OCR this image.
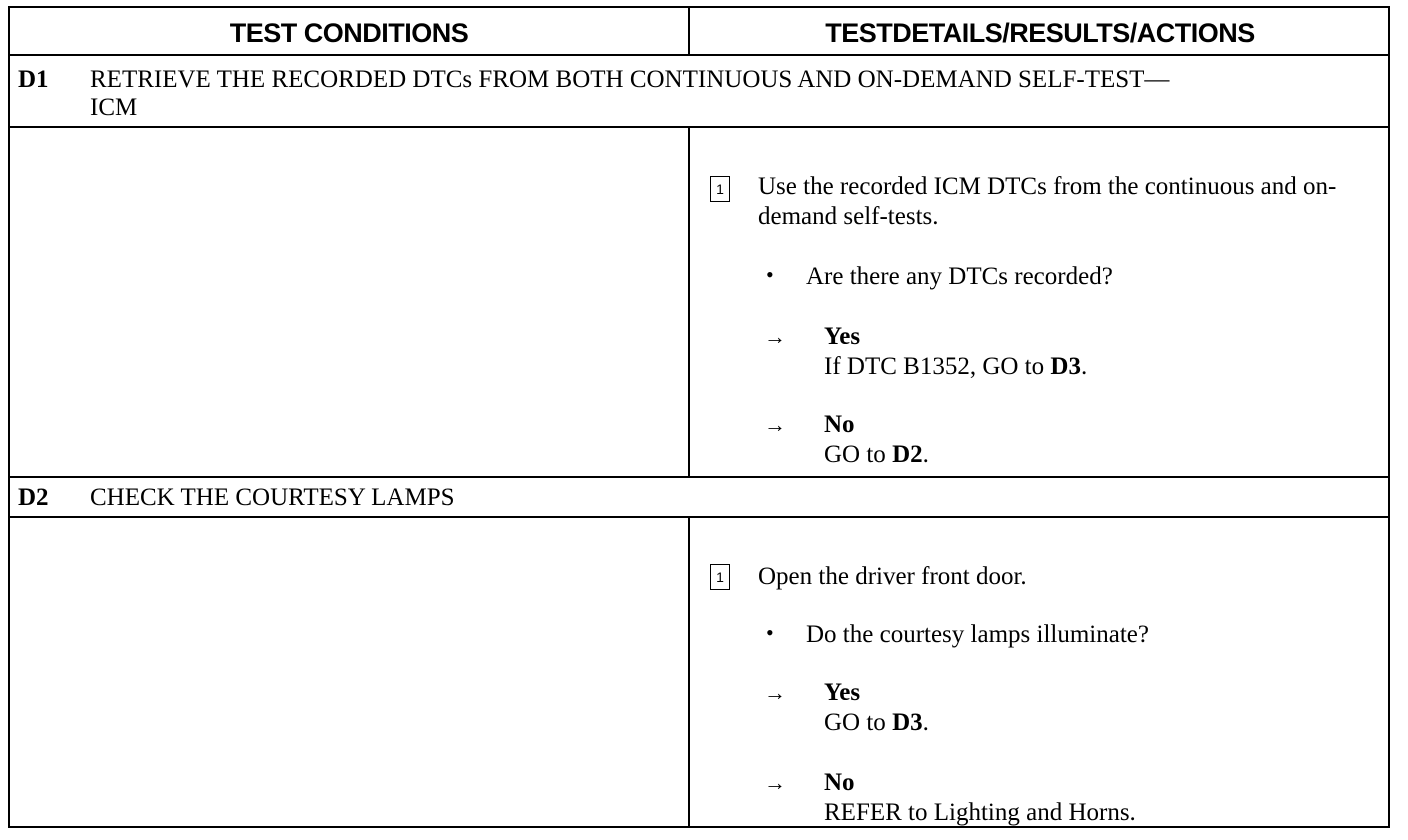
TEST CONDITIONS	TESTDETAILS/RESULTS/ACTIONS
D1 RETRIEVE THE RECORDED DTCs FROM BOTH CONTINUOUS AND ON-DEMAND SELF-TEST—ICM
1 Use the recorded ICM DTCs from the continuous and on-demand self-tests.
• Are there any DTCs recorded?
→ Yes
If DTC B1352, GO to D3.
→ No
GO to D2.
D2 CHECK THE COURTESY LAMPS
1 Open the driver front door.
• Do the courtesy lamps illuminate?
→ Yes
GO to D3.
→ No
REFER to Lighting and Horns.
